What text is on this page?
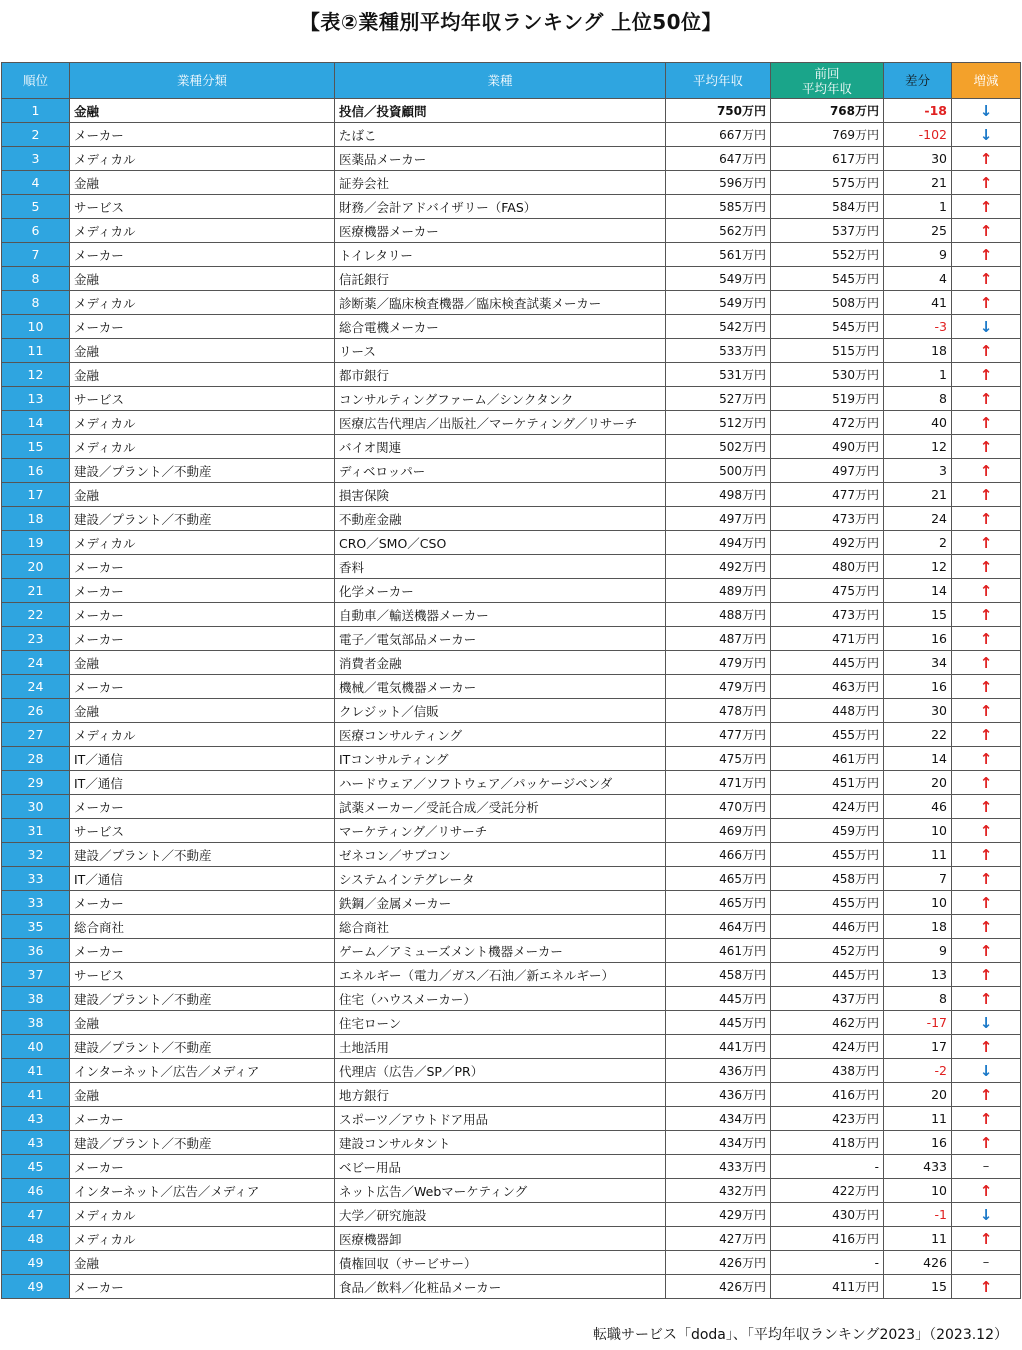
【表②業種別平均年収ランキング 上位50位】
順位	業種分類	業種	平均年収	前回
平均年収	差分	増減
1	金融	投信／投資顧問	750万円	768万円	-18	↓
2	メーカー	たばこ	667万円	769万円	-102	↓
3	メディカル	医薬品メーカー	647万円	617万円	30	↑
4	金融	証券会社	596万円	575万円	21	↑
5	サービス	財務／会計アドバイザリー（FAS）	585万円	584万円	1	↑
6	メディカル	医療機器メーカー	562万円	537万円	25	↑
7	メーカー	トイレタリー	561万円	552万円	9	↑
8	金融	信託銀行	549万円	545万円	4	↑
8	メディカル	診断薬／臨床検査機器／臨床検査試薬メーカー	549万円	508万円	41	↑
10	メーカー	総合電機メーカー	542万円	545万円	-3	↓
11	金融	リース	533万円	515万円	18	↑
12	金融	都市銀行	531万円	530万円	1	↑
13	サービス	コンサルティングファーム／シンクタンク	527万円	519万円	8	↑
14	メディカル	医療広告代理店／出版社／マーケティング／リサーチ	512万円	472万円	40	↑
15	メディカル	バイオ関連	502万円	490万円	12	↑
16	建設／プラント／不動産	ディベロッパー	500万円	497万円	3	↑
17	金融	損害保険	498万円	477万円	21	↑
18	建設／プラント／不動産	不動産金融	497万円	473万円	24	↑
19	メディカル	CRO／SMO／CSO	494万円	492万円	2	↑
20	メーカー	香料	492万円	480万円	12	↑
21	メーカー	化学メーカー	489万円	475万円	14	↑
22	メーカー	自動車／輸送機器メーカー	488万円	473万円	15	↑
23	メーカー	電子／電気部品メーカー	487万円	471万円	16	↑
24	金融	消費者金融	479万円	445万円	34	↑
24	メーカー	機械／電気機器メーカー	479万円	463万円	16	↑
26	金融	クレジット／信販	478万円	448万円	30	↑
27	メディカル	医療コンサルティング	477万円	455万円	22	↑
28	IT／通信	ITコンサルティング	475万円	461万円	14	↑
29	IT／通信	ハードウェア／ソフトウェア／パッケージベンダ	471万円	451万円	20	↑
30	メーカー	試薬メーカー／受託合成／受託分析	470万円	424万円	46	↑
31	サービス	マーケティング／リサーチ	469万円	459万円	10	↑
32	建設／プラント／不動産	ゼネコン／サブコン	466万円	455万円	11	↑
33	IT／通信	システムインテグレータ	465万円	458万円	7	↑
33	メーカー	鉄鋼／金属メーカー	465万円	455万円	10	↑
35	総合商社	総合商社	464万円	446万円	18	↑
36	メーカー	ゲーム／アミューズメント機器メーカー	461万円	452万円	9	↑
37	サービス	エネルギー（電力／ガス／石油／新エネルギー）	458万円	445万円	13	↑
38	建設／プラント／不動産	住宅（ハウスメーカー）	445万円	437万円	8	↑
38	金融	住宅ローン	445万円	462万円	-17	↓
40	建設／プラント／不動産	土地活用	441万円	424万円	17	↑
41	インターネット／広告／メディア	代理店（広告／SP／PR）	436万円	438万円	-2	↓
41	金融	地方銀行	436万円	416万円	20	↑
43	メーカー	スポーツ／アウトドア用品	434万円	423万円	11	↑
43	建設／プラント／不動産	建設コンサルタント	434万円	418万円	16	↑
45	メーカー	ベビー用品	433万円	-	433	–
46	インターネット／広告／メディア	ネット広告／Webマーケティング	432万円	422万円	10	↑
47	メディカル	大学／研究施設	429万円	430万円	-1	↓
48	メディカル	医療機器卸	427万円	416万円	11	↑
49	金融	債権回収（サービサー）	426万円	-	426	–
49	メーカー	食品／飲料／化粧品メーカー	426万円	411万円	15	↑
転職サービス「doda」、「平均年収ランキング2023」（2023.12）
